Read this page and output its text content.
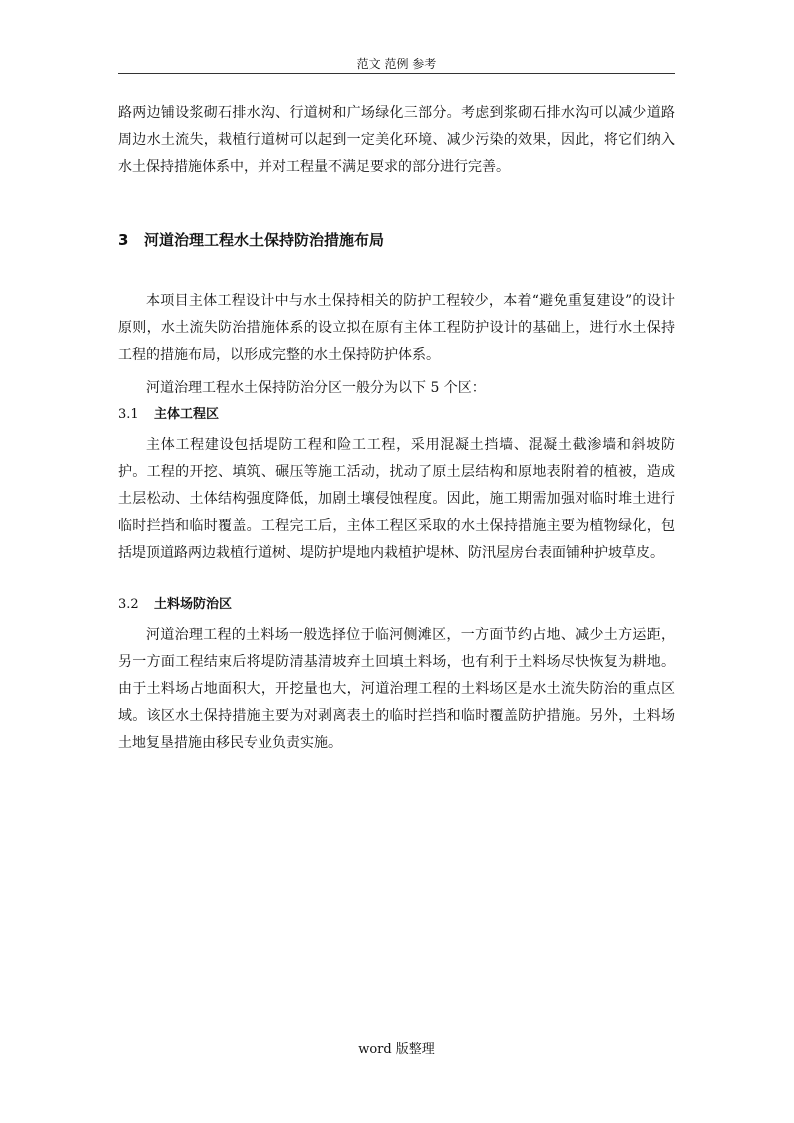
范文 范例 参考

路两边铺设浆砌石排水沟、行道树和广场绿化三部分。考虑到浆砌石排水沟可以减少道路周边水土流失，栽植行道树可以起到一定美化环境、减少污染的效果，因此，将它们纳入水土保持措施体系中，并对工程量不满足要求的部分进行完善。

3 河道治理工程水土保持防治措施布局

本项目主体工程设计中与水土保持相关的防护工程较少，本着“避免重复建设”的设计原则，水土流失防治措施体系的设立拟在原有主体工程防护设计的基础上，进行水土保持工程的措施布局，以形成完整的水土保持防护体系。

河道治理工程水土保持防治分区一般分为以下 5 个区：

3.1 主体工程区

主体工程建设包括堤防工程和险工工程，采用混凝土挡墙、混凝土截渗墙和斜坡防护。工程的开挖、填筑、碾压等施工活动，扰动了原土层结构和原地表附着的植被，造成土层松动、土体结构强度降低，加剧土壤侵蚀程度。因此，施工期需加强对临时堆土进行临时拦挡和临时覆盖。工程完工后，主体工程区采取的水土保持措施主要为植物绿化，包括堤顶道路两边栽植行道树、堤防护堤地内栽植护堤林、防汛屋房台表面铺种护坡草皮。

3.2 土料场防治区

河道治理工程的土料场一般选择位于临河侧滩区，一方面节约占地、减少土方运距，另一方面工程结束后将堤防清基清坡弃土回填土料场，也有利于土料场尽快恢复为耕地。由于土料场占地面积大，开挖量也大，河道治理工程的土料场区是水土流失防治的重点区域。该区水土保持措施主要为对剥离表土的临时拦挡和临时覆盖防护措施。另外，土料场土地复垦措施由移民专业负责实施。

word 版整理
